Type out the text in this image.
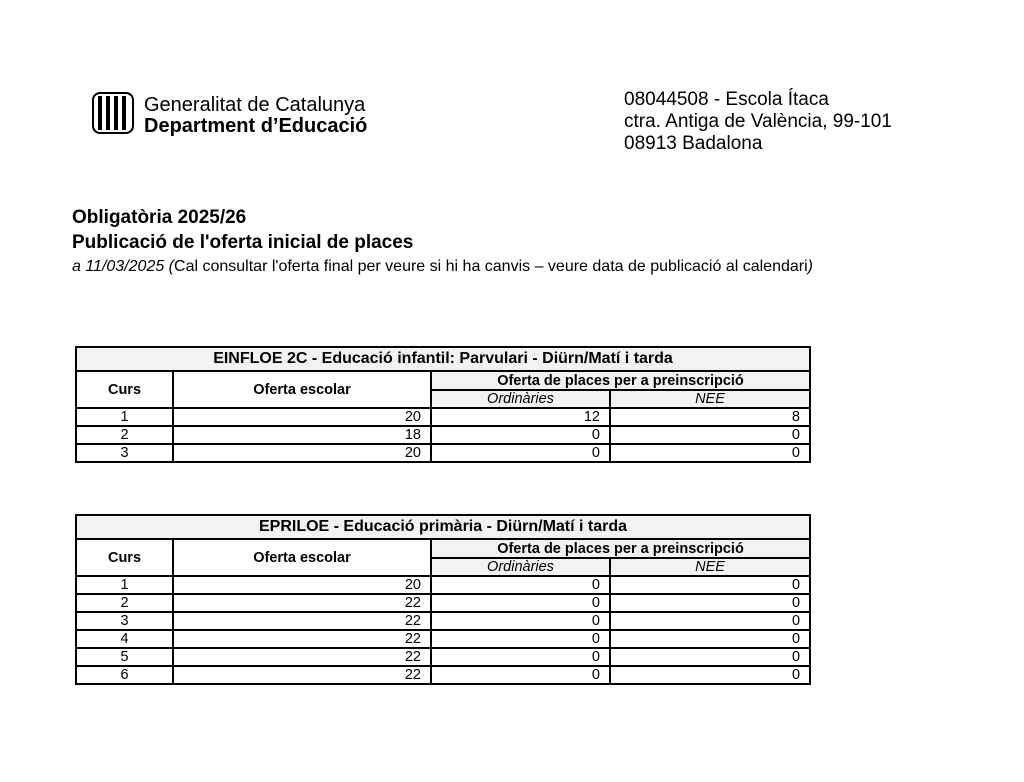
Generalitat de Catalunya
Department d’Educació
08044508 - Escola Ítaca
ctra. Antiga de València, 99-101
08913 Badalona
Obligatòria 2025/26
Publicació de l'oferta inicial de places
a 11/03/2025 (Cal consultar l'oferta final per veure si hi ha canvis – veure data de publicació al calendari)
EINFLOE 2C - Educació infantil: Parvulari - Diürn/Matí i tarda			
Curs	Oferta escolar	Oferta de places per a preinscripció	
		Ordinàries	NEE
1	20	12	8
2	18	0	0
3	20	0	0
EPRILOE - Educació primària - Diürn/Matí i tarda			
Curs	Oferta escolar	Oferta de places per a preinscripció	
		Ordinàries	NEE
1	20	0	0
2	22	0	0
3	22	0	0
4	22	0	0
5	22	0	0
6	22	0	0
